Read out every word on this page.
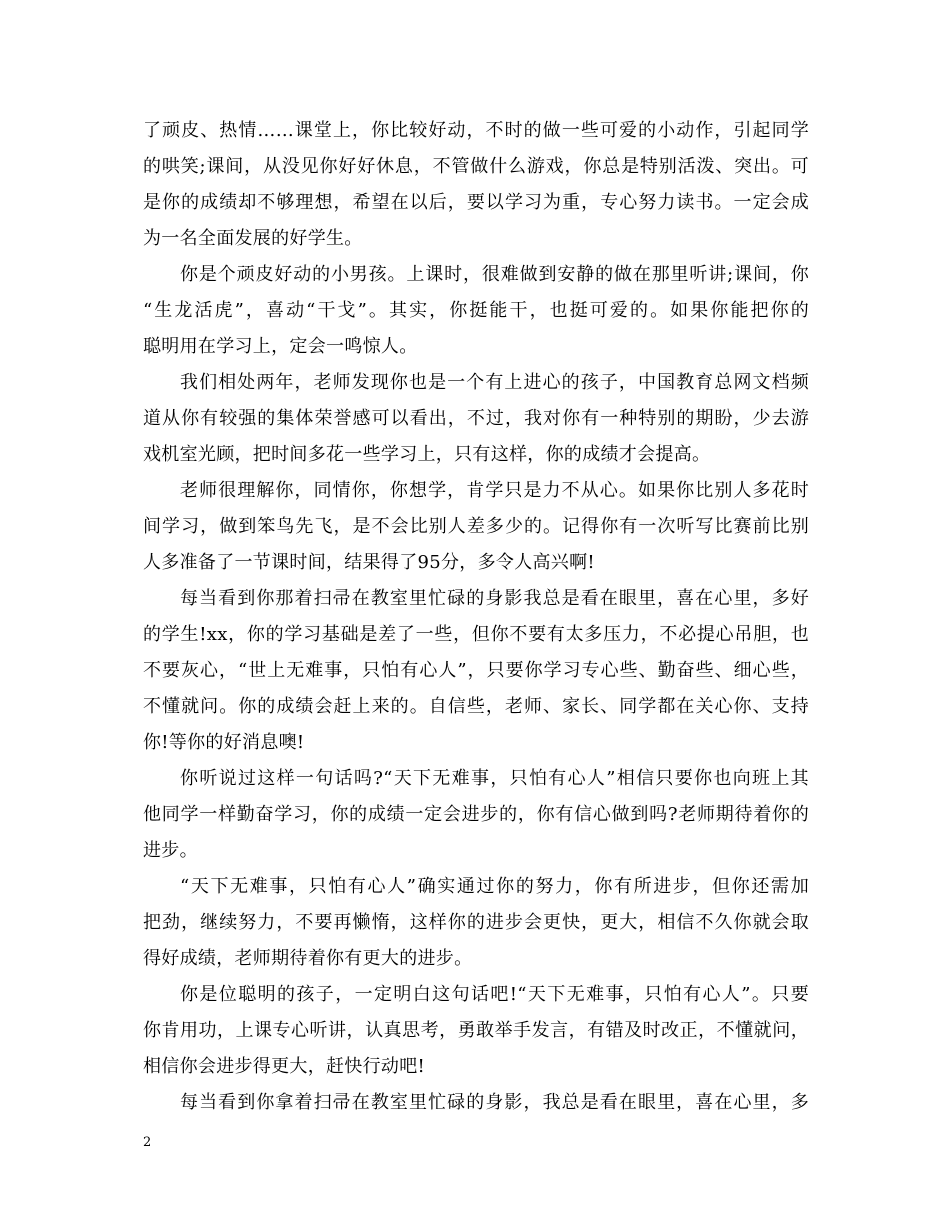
了顽皮、热情……课堂上，你比较好动，不时的做一些可爱的小动作，引起同学
的哄笑;课间，从没见你好好休息，不管做什么游戏，你总是特别活泼、突出。可
是你的成绩却不够理想，希望在以后，要以学习为重，专心努力读书。一定会成
为一名全面发展的好学生。
你是个顽皮好动的小男孩。上课时，很难做到安静的做在那里听讲;课间，你
“生龙活虎”，喜动“干戈”。其实，你挺能干，也挺可爱的。如果你能把你的
聪明用在学习上，定会一鸣惊人。
我们相处两年，老师发现你也是一个有上进心的孩子，中国教育总网文档频
道从你有较强的集体荣誉感可以看出，不过，我对你有一种特别的期盼，少去游
戏机室光顾，把时间多花一些学习上，只有这样，你的成绩才会提高。
老师很理解你，同情你，你想学，肯学只是力不从心。如果你比别人多花时
间学习，做到笨鸟先飞，是不会比别人差多少的。记得你有一次听写比赛前比别
人多准备了一节课时间，结果得了95分，多令人高兴啊!
每当看到你那着扫帚在教室里忙碌的身影我总是看在眼里，喜在心里，多好
的学生!xx，你的学习基础是差了一些，但你不要有太多压力，不必提心吊胆，也
不要灰心，“世上无难事，只怕有心人”，只要你学习专心些、勤奋些、细心些，
不懂就问。你的成绩会赶上来的。自信些，老师、家长、同学都在关心你、支持
你!等你的好消息噢!
你听说过这样一句话吗?“天下无难事，只怕有心人”相信只要你也向班上其
他同学一样勤奋学习，你的成绩一定会进步的，你有信心做到吗?老师期待着你的
进步。
“天下无难事，只怕有心人”确实通过你的努力，你有所进步，但你还需加
把劲，继续努力，不要再懒惰，这样你的进步会更快，更大，相信不久你就会取
得好成绩，老师期待着你有更大的进步。
你是位聪明的孩子，一定明白这句话吧!“天下无难事，只怕有心人”。只要
你肯用功，上课专心听讲，认真思考，勇敢举手发言，有错及时改正，不懂就问，
相信你会进步得更大，赶快行动吧!
每当看到你拿着扫帚在教室里忙碌的身影，我总是看在眼里，喜在心里，多
2
